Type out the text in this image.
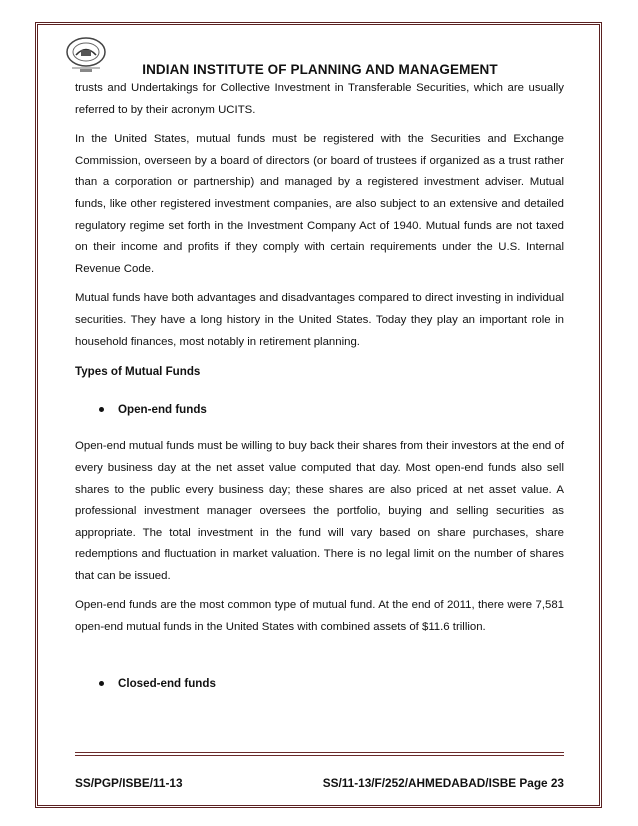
INDIAN INSTITUTE OF PLANNING AND MANAGEMENT

trusts and Undertakings for Collective Investment in Transferable Securities, which are usually referred to by their acronym UCITS.

In the United States, mutual funds must be registered with the Securities and Exchange Commission, overseen by a board of directors (or board of trustees if organized as a trust rather than a corporation or partnership) and managed by a registered investment adviser. Mutual funds, like other registered investment companies, are also subject to an extensive and detailed regulatory regime set forth in the Investment Company Act of 1940. Mutual funds are not taxed on their income and profits if they comply with certain requirements under the U.S. Internal Revenue Code.

Mutual funds have both advantages and disadvantages compared to direct investing in individual securities. They have a long history in the United States. Today they play an important role in household finances, most notably in retirement planning.

Types of Mutual Funds
Open-end funds

Open-end mutual funds must be willing to buy back their shares from their investors at the end of every business day at the net asset value computed that day. Most open-end funds also sell shares to the public every business day; these shares are also priced at net asset value. A professional investment manager oversees the portfolio, buying and selling securities as appropriate. The total investment in the fund will vary based on share purchases, share redemptions and fluctuation in market valuation. There is no legal limit on the number of shares that can be issued.

Open-end funds are the most common type of mutual fund. At the end of 2011, there were 7,581 open-end mutual funds in the United States with combined assets of $11.6 trillion.

Closed-end funds
SS/PGP/ISBE/11-13	SS/11-13/F/252/AHMEDABAD/ISBE Page 23
